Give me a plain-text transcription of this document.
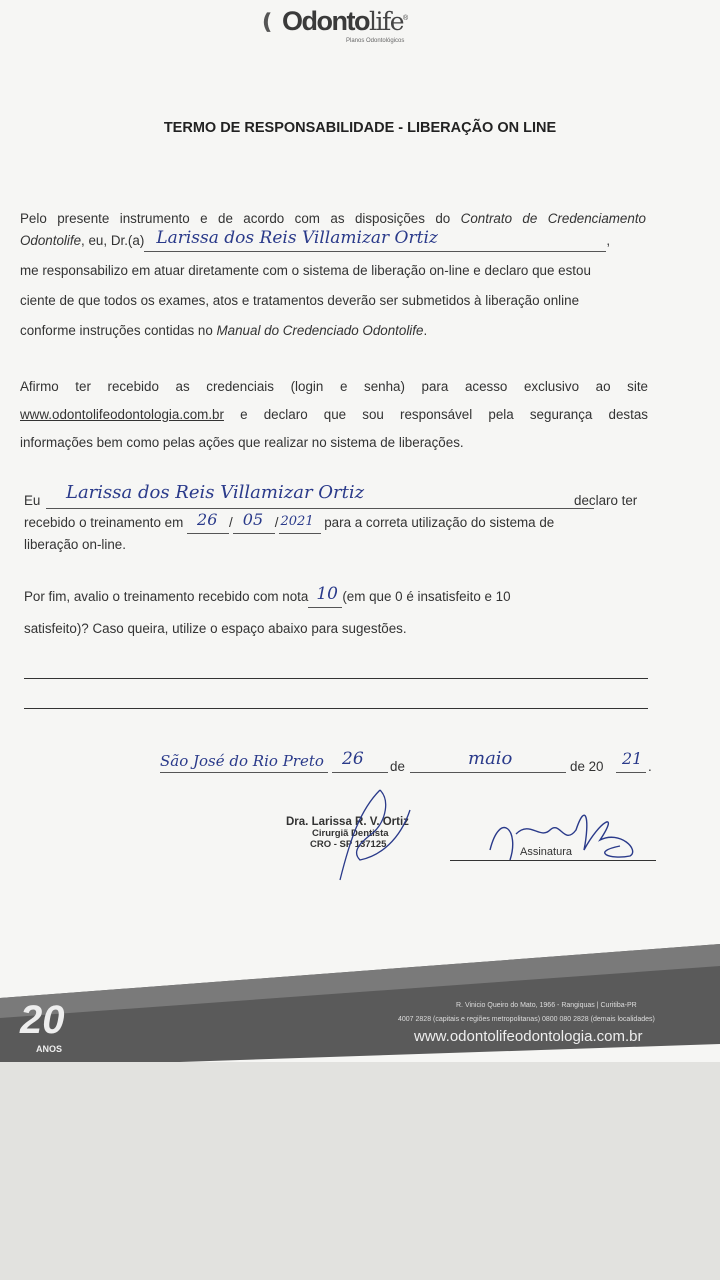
❪ Odontolife®
Planos Odontológicos
TERMO DE RESPONSABILIDADE - LIBERAÇÃO ON LINE
Pelo presente instrumento e de acordo com as disposições do Contrato de Credenciamento
Odontolife, eu, Dr.(a) Larissa dos Reis Villamizar Ortiz	,
me responsabilizo em atuar diretamente com o sistema de liberação on-line e declaro que estou
ciente de que todos os exames, atos e tratamentos deverão ser submetidos à liberação online
conforme instruções contidas no Manual do Credenciado Odontolife.
Afirmo ter recebido as credenciais (login e senha) para acesso exclusivo ao site
www.odontolifeodontologia.com.br e declaro que sou responsável pela segurança destas
informações bem como pelas ações que realizar no sistema de liberações.
Eu Larissa dos Reis Villamizar Ortiz	declaro ter
recebido o treinamento em 26 / 05 / 2021 para a correta utilização do sistema de
liberação on-line.
Por fim, avalio o treinamento recebido com nota 10 (em que 0 é insatisfeito e 10
satisfeito)? Caso queira, utilize o espaço abaixo para sugestões.
São José do Rio Preto 26 de	maio	de 20 21 .
Dra. Larissa R. V. Ortiz
Cirurgiã Dentista
CRO - SP 137125
Assinatura
20
ANOS
R. Vinicio Queiro do Mato, 1966 - Rangiquas | Curitiba-PR
4007 2828 (capitais e regiões metropolitanas) 0800 080 2828 (demais localidades)
www.odontolifeodontologia.com.br
